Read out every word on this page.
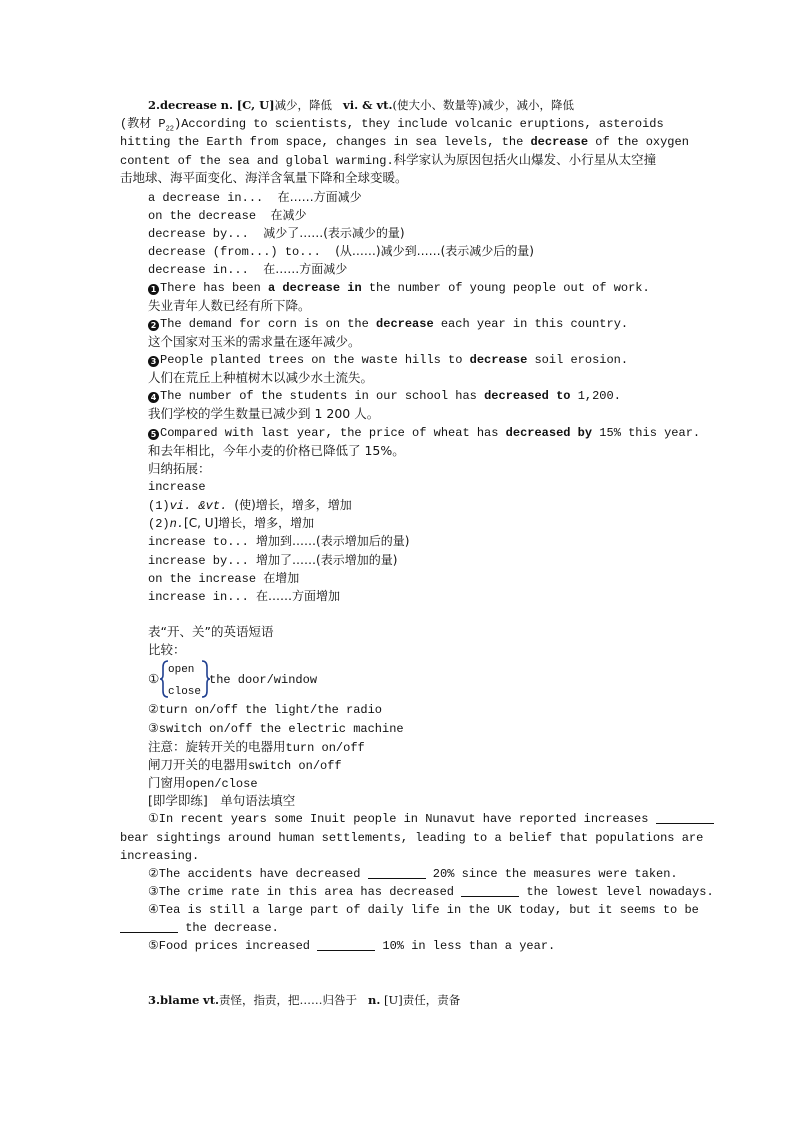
2.decrease n. [C, U]减少，降低 vi. & vt.(使大小、数量等)减少，减小，降低
(教材 $P_{22})According$ to scientists, they include volcanic eruptions, asteroids
hitting the Earth from space, changes in sea levels, the decrease of the oxygen
content of the sea and global warming.科学家认为原因包括火山爆发、小行星从太空撞
击地球、海平面变化、海洋含氧量下降和全球变暖。
a decrease in... 在……方面减少
on the decrease 在减少
decrease by... 减少了……(表示减少的量)
decrease (from...) to... (从……)减少到……(表示减少后的量)
decrease in... 在……方面减少
1 There has been a decrease in the number of young people out of work.
失业青年人数已经有所下降。
2 The demand for corn is on the decrease each year in this country.
这个国家对玉米的需求量在逐年减少。
3 People planted trees on the waste hills to decrease soil erosion.
人们在荒丘上种植树木以减少水土流失。
4 The number of the students in our school has decreased to 1,200.
我们学校的学生数量已减少到 1 200 人。
5 Compared with last year, the price of wheat has decreased by 15% this year.
和去年相比，今年小麦的价格已降低了 15%。
归纳拓展：
increase
(1)vi. &vt. (使)增长，增多，增加
(2)n.[C, U]增长，增多，增加
increase to... 增加到……(表示增加后的量)
increase by... 增加了……(表示增加的量)
on the increase 在增加
increase in... 在……方面增加
表“开、关”的英语短语
比较：
①
open
close
the door/window
②turn on/off the light/the radio
③switch on/off the electric machine
注意：旋转开关的电器用turn on/off
闸刀开关的电器用switch on/off
门窗用open/close
[即学即练]　单句语法填空
①In recent years some Inuit people in Nunavut have reported increases
bear sightings around human settlements, leading to a belief that populations are
increasing.
②The accidents have decreased	20% since the measures were taken.
③The crime rate in this area has decreased	the lowest level nowadays.
④Tea is still a large part of daily life in the UK today, but it seems to be
the decrease.
⑤Food prices increased	10% in less than a year.
3.blame vt.责怪，指责，把……归咎于 n. [U]责任，责备
